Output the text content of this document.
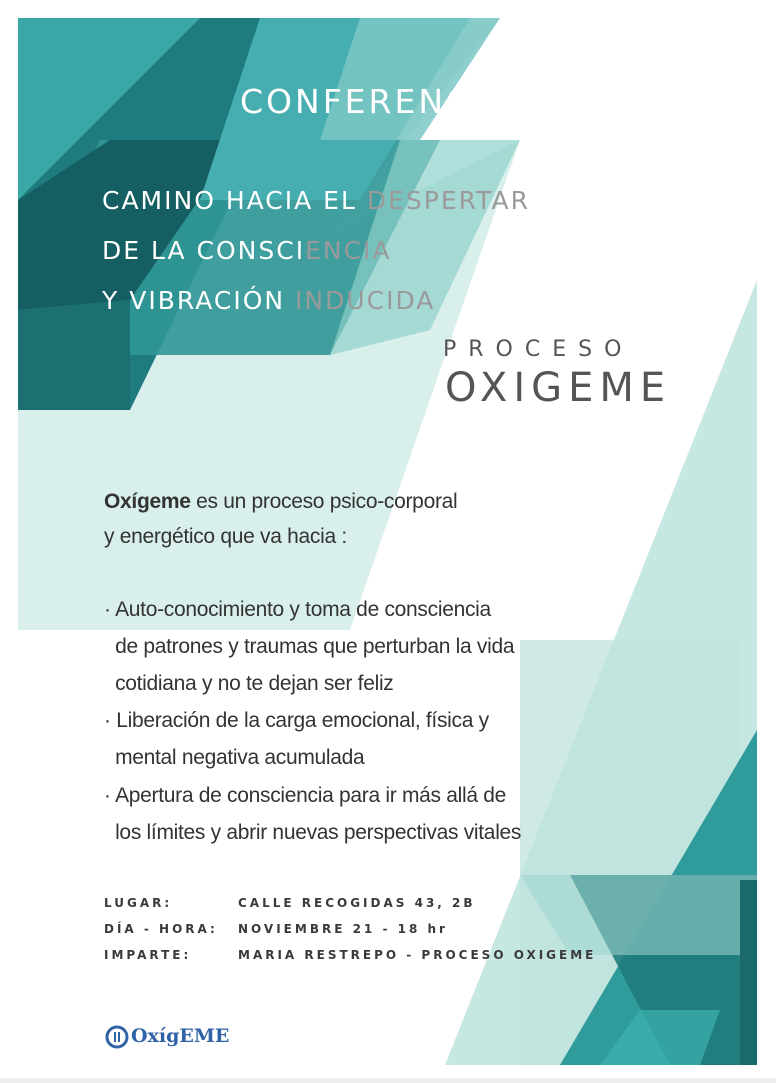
CONFERENCIA
CAMINO HACIA EL DESPERTAR
DE LA CONSCIENCIA
Y VIBRACIÓN INDUCIDA
PROCESO
OXIGEME
Oxígeme es un proceso psico-corporal
y energético que va hacia :
· Auto-conocimiento y toma de consciencia
de patrones y traumas que perturban la vida
cotidiana y no te dejan ser feliz
· Liberación de la carga emocional, física y
mental negativa acumulada
· Apertura de consciencia para ir más allá de
los límites y abrir nuevas perspectivas vitales
LUGAR:	CALLE RECOGIDAS 43, 2B
DÍA - HORA: NOVIEMBRE 21 - 18 hr
IMPARTE:	MARIA RESTREPO - PROCESO OXIGEME
OxígEME
